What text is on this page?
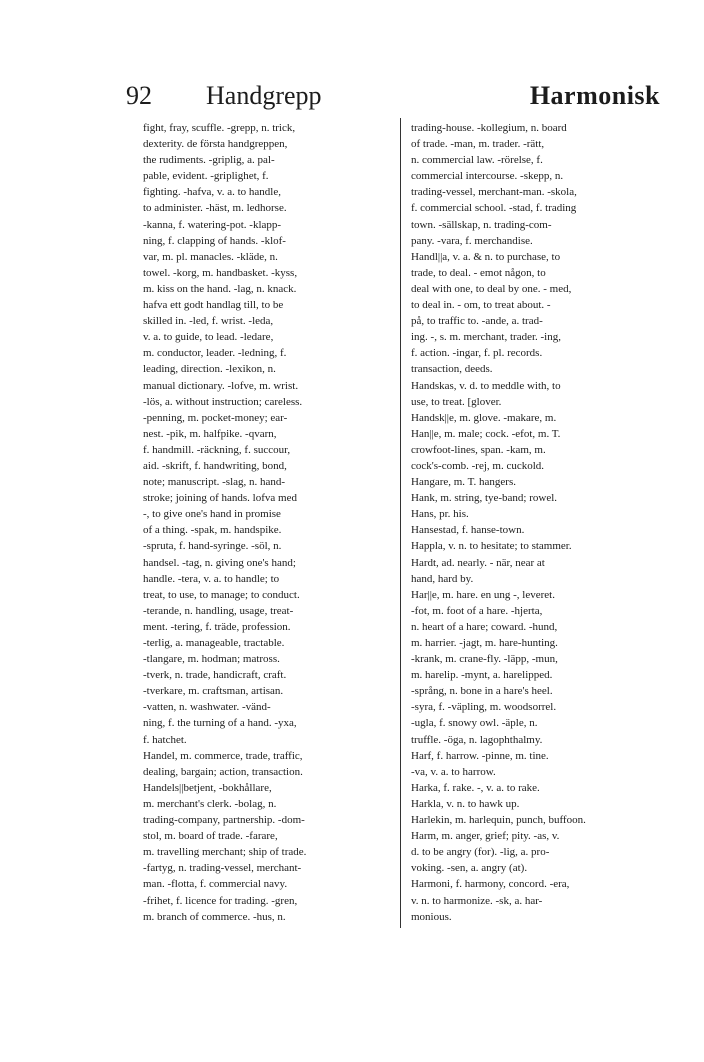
92 Handgrepp	Harmonisk
fight, fray, scuffle. -grepp, n. trick,
dexterity. de första handgreppen,
the rudiments. -griplig, a. pal-
pable, evident. -griplighet, f.
fighting. -hafva, v. a. to handle,
to administer. -häst, m. ledhorse.
-kanna, f. watering-pot. -klapp-
ning, f. clapping of hands. -klof-
var, m. pl. manacles. -kläde, n.
towel. -korg, m. handbasket. -kyss,
m. kiss on the hand. -lag, n. knack.
hafva ett godt handlag till, to be
skilled in. -led, f. wrist. -leda,
v. a. to guide, to lead. -ledare,
m. conductor, leader. -ledning, f.
leading, direction. -lexikon, n.
manual dictionary. -lofve, m. wrist.
-lös, a. without instruction; careless.
-penning, m. pocket-money; ear-
nest. -pik, m. halfpike. -qvarn,
f. handmill. -räckning, f. succour,
aid. -skrift, f. handwriting, bond,
note; manuscript. -slag, n. hand-
stroke; joining of hands. lofva med
-, to give one's hand in promise
of a thing. -spak, m. handspike.
-spruta, f. hand-syringe. -söl, n.
handsel. -tag, n. giving one's hand;
handle. -tera, v. a. to handle; to
treat, to use, to manage; to conduct.
-terande, n. handling, usage, treat-
ment. -tering, f. träde, profession.
-terlig, a. manageable, tractable.
-tlangare, m. hodman; matross.
-tverk, n. trade, handicraft, craft.
-tverkare, m. craftsman, artisan.
-vatten, n. washwater. -vänd-
ning, f. the turning of a hand. -yxa,
f. hatchet.
Handel, m. commerce, trade, traffic,
dealing, bargain; action, transaction.
Handels||betjent, -bokhållare,
m. merchant's clerk. -bolag, n.
trading-company, partnership. -dom-
stol, m. board of trade. -farare,
m. travelling merchant; ship of trade.
-fartyg, n. trading-vessel, merchant-
man. -flotta, f. commercial navy.
-frihet, f. licence for trading. -gren,
m. branch of commerce. -hus, n.
trading-house. -kollegium, n. board
of trade. -man, m. trader. -rätt,
n. commercial law. -rörelse, f.
commercial intercourse. -skepp, n.
trading-vessel, merchant-man. -skola,
f. commercial school. -stad, f. trading
town. -sällskap, n. trading-com-
pany. -vara, f. merchandise.
Handl||a, v. a. & n. to purchase, to
trade, to deal. - emot någon, to
deal with one, to deal by one. - med,
to deal in. - om, to treat about. -
på, to traffic to. -ande, a. trad-
ing. -, s. m. merchant, trader. -ing,
f. action. -ingar, f. pl. records.
transaction, deeds.
Handskas, v. d. to meddle with, to
use, to treat. [glover.
Handsk||e, m. glove. -makare, m.
Han||e, m. male; cock. -efot, m. T.
crowfoot-lines, span. -kam, m.
cock's-comb. -rej, m. cuckold.
Hangare, m. T. hangers.
Hank, m. string, tye-band; rowel.
Hans, pr. his.
Hansestad, f. hanse-town.
Happla, v. n. to hesitate; to stammer.
Hardt, ad. nearly. - när, near at
hand, hard by.
Har||e, m. hare. en ung -, leveret.
-fot, m. foot of a hare. -hjerta,
n. heart of a hare; coward. -hund,
m. harrier. -jagt, m. hare-hunting.
-krank, m. crane-fly. -läpp, -mun,
m. harelip. -mynt, a. harelipped.
-språng, n. bone in a hare's heel.
-syra, f. -väpling, m. woodsorrel.
-ugla, f. snowy owl. -äple, n.
truffle. -öga, n. lagophthalmy.
Harf, f. harrow. -pinne, m. tine.
-va, v. a. to harrow.
Harka, f. rake. -, v. a. to rake.
Harkla, v. n. to hawk up.
Harlekin, m. harlequin, punch, buffoon.
Harm, m. anger, grief; pity. -as, v.
d. to be angry (for). -lig, a. pro-
voking. -sen, a. angry (at).
Harmoni, f. harmony, concord. -era,
v. n. to harmonize. -sk, a. har-
monious.
